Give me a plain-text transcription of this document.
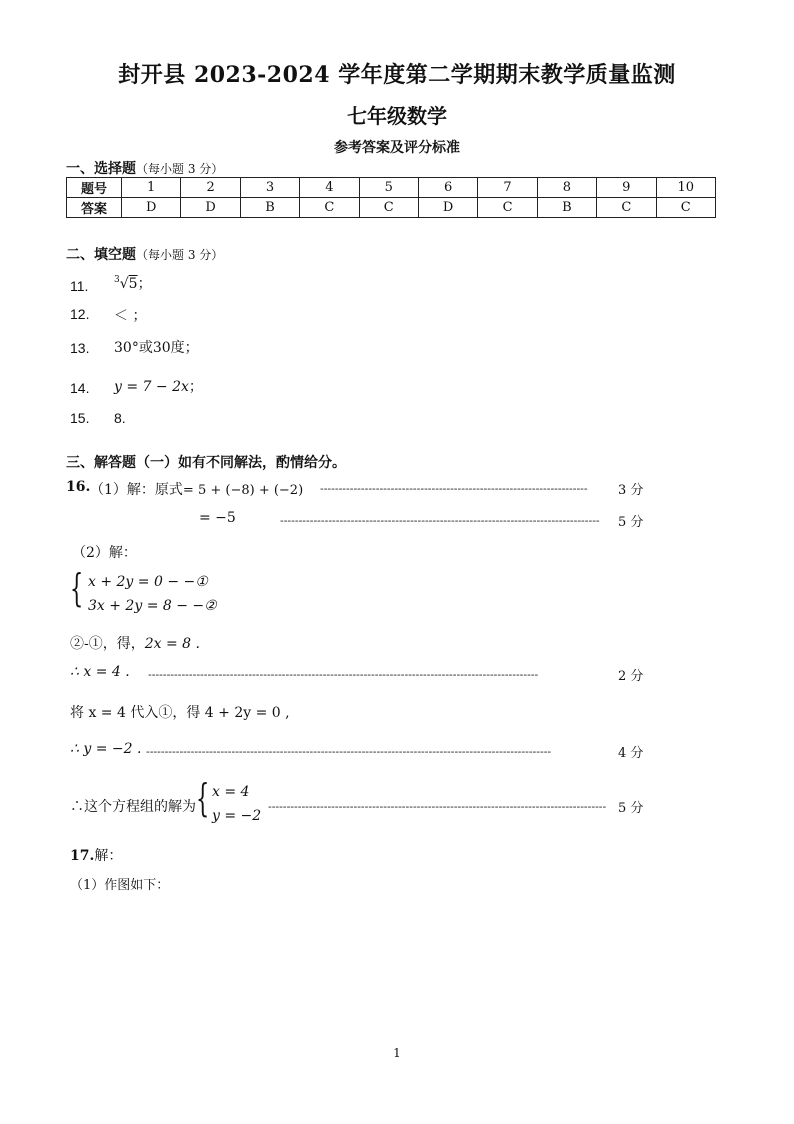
封开县 2023-2024 学年度第二学期期末教学质量监测
七年级数学
参考答案及评分标准
一、选择题（每小题 3 分）
题号	1	2	3	4	5	6	7	8	9	10
答案	D	D	B	C	C	D	C	B	C	C
二、填空题（每小题 3 分）
11.	$^3$√5；
12. ＜ ；
13. 30°或30度；
14. y = 7 − 2x；
15. 8.
三、解答题（一）如有不同解法，酌情给分。
16. （1）解：原式= 5 + (−8) + (−2) ------------------------------------------------------------------------ 3 分
= −5	-------------------------------------------------------------------------------------- 5 分
（2）解：
{ x + 2y = 0 − −①
3x + 2y = 8 − −②
②-①，得，2x = 8 .
∴ x = 4 . ---------------------------------------------------------------------------------------------------------	2 分
将 x = 4 代入①，得 4 + 2y = 0 ,
∴ y = −2 . -------------------------------------------------------------------------------------------------------------	4 分
∴这个方程组的解为 { x = 4
y = −2
------------------------------------------------------------------------------------------- 5 分
17.解：
（1）作图如下：
1
